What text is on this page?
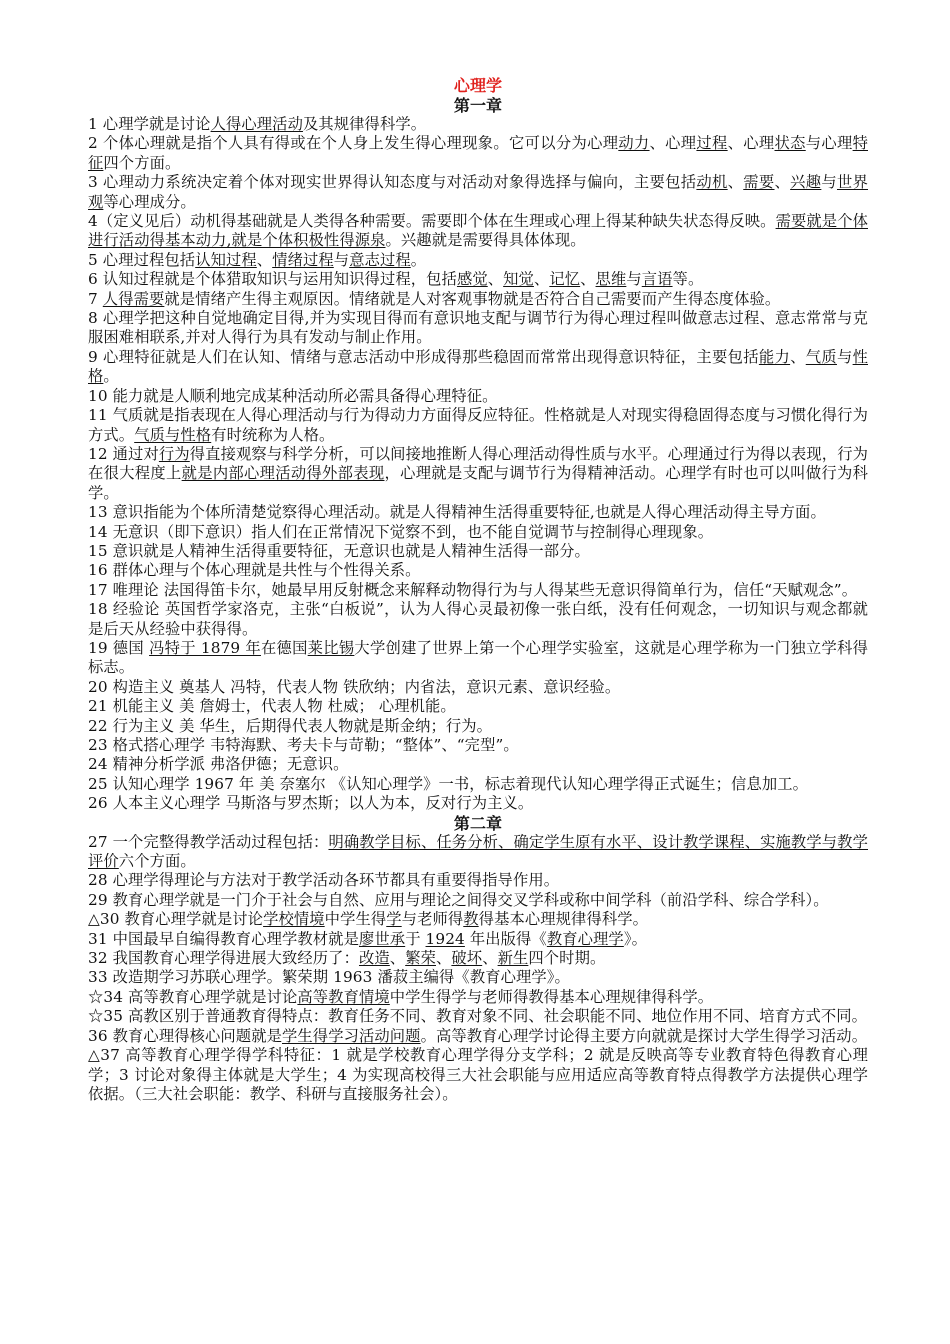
心理学
第一章
1 心理学就是讨论人得心理活动及其规律得科学。
2 个体心理就是指个人具有得或在个人身上发生得心理现象。它可以分为心理动力、心理过程、心理状态与心理特征四个方面。
3 心理动力系统决定着个体对现实世界得认知态度与对活动对象得选择与偏向，主要包括动机、需要、兴趣与世界观等心理成分。
4（定义见后）动机得基础就是人类得各种需要。需要即个体在生理或心理上得某种缺失状态得反映。需要就是个体进行活动得基本动力,就是个体积极性得源泉。兴趣就是需要得具体体现。
5 心理过程包括认知过程、情绪过程与意志过程。
6 认知过程就是个体猎取知识与运用知识得过程，包括感觉、知觉、记忆、思维与言语等。
7 人得需要就是情绪产生得主观原因。情绪就是人对客观事物就是否符合自己需要而产生得态度体验。
8 心理学把这种自觉地确定目得,并为实现目得而有意识地支配与调节行为得心理过程叫做意志过程、意志常常与克服困难相联系,并对人得行为具有发动与制止作用。
9 心理特征就是人们在认知、情绪与意志活动中形成得那些稳固而常常出现得意识特征，主要包括能力、气质与性格。
10 能力就是人顺利地完成某种活动所必需具备得心理特征。
11 气质就是指表现在人得心理活动与行为得动力方面得反应特征。性格就是人对现实得稳固得态度与习惯化得行为方式。气质与性格有时统称为人格。
12 通过对行为得直接观察与科学分析，可以间接地推断人得心理活动得性质与水平。心理通过行为得以表现，行为在很大程度上就是内部心理活动得外部表现，心理就是支配与调节行为得精神活动。心理学有时也可以叫做行为科学。
13 意识指能为个体所清楚觉察得心理活动。就是人得精神生活得重要特征,也就是人得心理活动得主导方面。
14 无意识（即下意识）指人们在正常情况下觉察不到，也不能自觉调节与控制得心理现象。
15 意识就是人精神生活得重要特征，无意识也就是人精神生活得一部分。
16 群体心理与个体心理就是共性与个性得关系。
17 唯理论 法国得笛卡尔，她最早用反射概念来解释动物得行为与人得某些无意识得简单行为，信任“天赋观念”。
18 经验论 英国哲学家洛克，主张“白板说”，认为人得心灵最初像一张白纸，没有任何观念，一切知识与观念都就是后天从经验中获得得。
19 德国 冯特于 1879 年在德国莱比锡大学创建了世界上第一个心理学实验室，这就是心理学称为一门独立学科得标志。
20 构造主义 奠基人 冯特，代表人物 铁欣纳；内省法，意识元素、意识经验。
21 机能主义 美 詹姆士，代表人物 杜威； 心理机能。
22 行为主义 美 华生，后期得代表人物就是斯金纳；行为。
23 格式搭心理学 韦特海默、考夫卡与苛勒；“整体”、“完型”。
24 精神分析学派 弗洛伊德；无意识。
25 认知心理学 1967 年 美 奈塞尔 《认知心理学》一书，标志着现代认知心理学得正式诞生；信息加工。
26 人本主义心理学 马斯洛与罗杰斯；以人为本，反对行为主义。
第二章
27 一个完整得教学活动过程包括：明确教学目标、任务分析、确定学生原有水平、设计教学课程、实施教学与教学评价六个方面。
28 心理学得理论与方法对于教学活动各环节都具有重要得指导作用。
29 教育心理学就是一门介于社会与自然、应用与理论之间得交叉学科或称中间学科（前沿学科、综合学科）。
△30 教育心理学就是讨论学校情境中学生得学与老师得教得基本心理规律得科学。
31 中国最早自编得教育心理学教材就是廖世承于 1924 年出版得《教育心理学》。
32 我国教育心理学得进展大致经历了：改造、繁荣、破坏、新生四个时期。
33 改造期学习苏联心理学。繁荣期 1963 潘菽主编得《教育心理学》。
☆34 高等教育心理学就是讨论高等教育情境中学生得学与老师得教得基本心理规律得科学。
☆35 高教区别于普通教育得特点：教育任务不同、教育对象不同、社会职能不同、地位作用不同、培育方式不同。
36 教育心理得核心问题就是学生得学习活动问题。高等教育心理学讨论得主要方向就就是探讨大学生得学习活动。
△37 高等教育心理学得学科特征：1 就是学校教育心理学得分支学科；2 就是反映高等专业教育特色得教育心理学；3 讨论对象得主体就是大学生；4 为实现高校得三大社会职能与应用适应高等教育特点得教学方法提供心理学依据。（三大社会职能：教学、科研与直接服务社会）。
